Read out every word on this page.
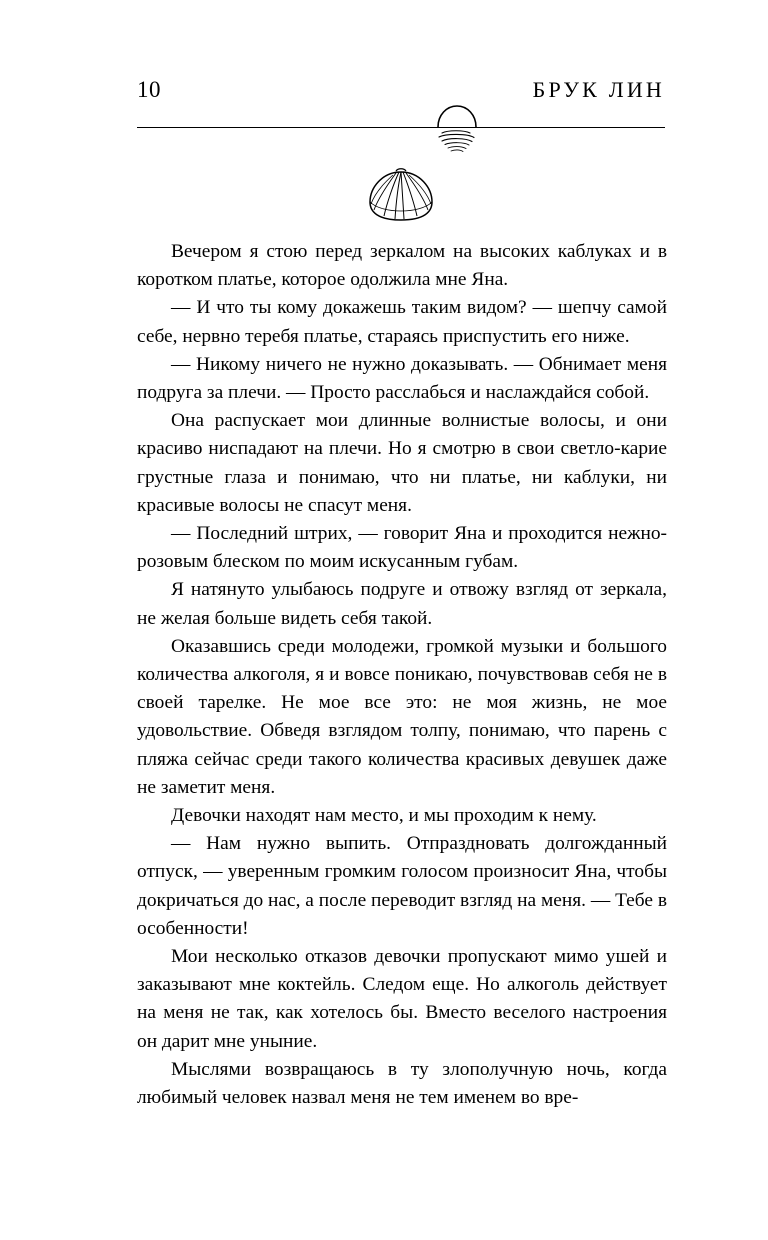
10	БРУК ЛИН

Вечером я стою перед зеркалом на высоких каблуках и в коротком платье, которое одолжила мне Яна.

— И что ты кому докажешь таким видом? — шепчу самой себе, нервно теребя платье, стараясь приспустить его ниже.

— Никому ничего не нужно доказывать. — Обнимает меня подруга за плечи. — Просто расслабься и наслаждайся собой.

Она распускает мои длинные волнистые волосы, и они красиво ниспадают на плечи. Но я смотрю в свои светло-карие грустные глаза и понимаю, что ни платье, ни каблуки, ни красивые волосы не спасут меня.

— Последний штрих, — говорит Яна и проходится нежно-розовым блеском по моим искусанным губам.

Я натянуто улыбаюсь подруге и отвожу взгляд от зеркала, не желая больше видеть себя такой.

Оказавшись среди молодежи, громкой музыки и большого количества алкоголя, я и вовсе поникаю, почувствовав себя не в своей тарелке. Не мое все это: не моя жизнь, не мое удовольствие. Обведя взглядом толпу, понимаю, что парень с пляжа сейчас среди такого количества красивых девушек даже не заметит меня.

Девочки находят нам место, и мы проходим к нему.

— Нам нужно выпить. Отпраздновать долгожданный отпуск, — уверенным громким голосом произносит Яна, чтобы докричаться до нас, а после переводит взгляд на меня. — Тебе в особенности!

Мои несколько отказов девочки пропускают мимо ушей и заказывают мне коктейль. Следом еще. Но алкоголь действует на меня не так, как хотелось бы. Вместо веселого настроения он дарит мне уныние.

Мыслями возвращаюсь в ту злополучную ночь, когда любимый человек назвал меня не тем именем во вре-
